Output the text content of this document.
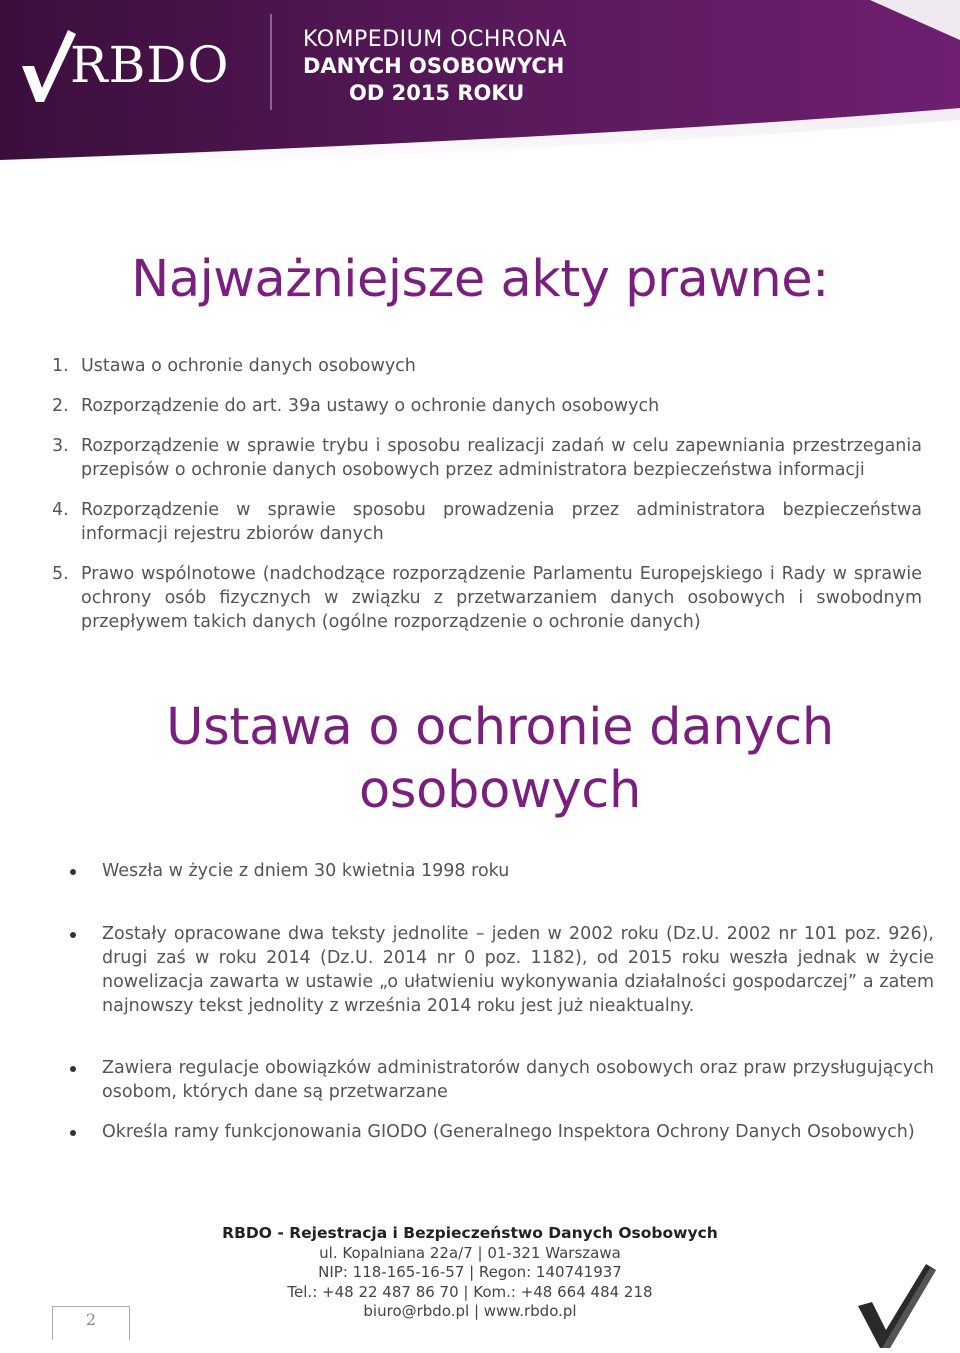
RBDO	KOMPEDIUM OCHRONA
DANYCH OSOBOWYCH
OD 2015 ROKU
Najważniejsze akty prawne:
1. Ustawa o ochronie danych osobowych
2. Rozporządzenie do art. 39a ustawy o ochronie danych osobowych
3. Rozporządzenie w sprawie trybu i sposobu realizacji zadań w celu zapewniania przestrzegania przepisów o ochronie danych osobowych przez administratora bezpieczeństwa informacji
4. Rozporządzenie w sprawie sposobu prowadzenia przez administratora bezpieczeństwa informacji rejestru zbiorów danych
5. Prawo wspólnotowe (nadchodzące rozporządzenie Parlamentu Europejskiego i Rady w sprawie ochrony osób fizycznych w związku z przetwarzaniem danych osobowych i swobodnym przepływem takich danych (ogólne rozporządzenie o ochronie danych)
Ustawa o ochronie danych
osobowych
Weszła w życie z dniem 30 kwietnia 1998 roku
Zostały opracowane dwa teksty jednolite – jeden w 2002 roku (Dz.U. 2002 nr 101 poz. 926), drugi zaś w roku 2014 (Dz.U. 2014 nr 0 poz. 1182), od 2015 roku weszła jednak w życie nowelizacja zawarta w ustawie „o ułatwieniu wykonywania działalności gospodarczej” a zatem najnowszy tekst jednolity z września 2014 roku jest już nieaktualny.
Zawiera regulacje obowiązków administratorów danych osobowych oraz praw przysługujących osobom, których dane są przetwarzane
Określa ramy funkcjonowania GIODO (Generalnego Inspektora Ochrony Danych Osobowych)
RBDO - Rejestracja i Bezpieczeństwo Danych Osobowych
ul. Kopalniana 22a/7 | 01-321 Warszawa
NIP: 118-165-16-57 | Regon: 140741937
Tel.: +48 22 487 86 70 | Kom.: +48 664 484 218
biuro@rbdo.pl | www.rbdo.pl
2
